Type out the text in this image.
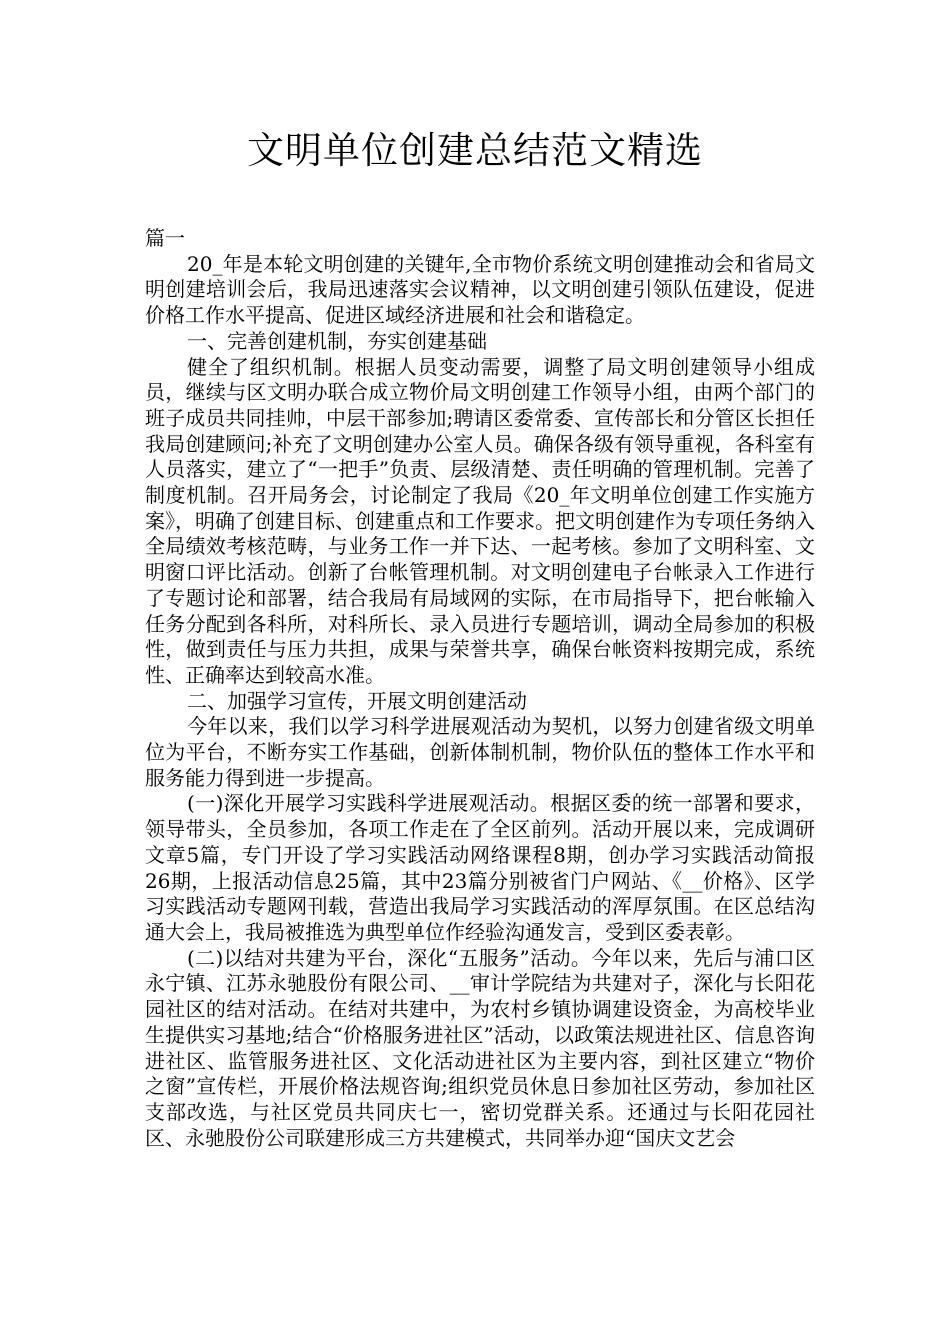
文明单位创建总结范文精选

篇一

20_年是本轮文明创建的关键年,全市物价系统文明创建推动会和省局文明创建培训会后，我局迅速落实会议精神，以文明创建引领队伍建设，促进价格工作水平提高、促进区域经济进展和社会和谐稳定。

一、完善创建机制，夯实创建基础

健全了组织机制。根据人员变动需要，调整了局文明创建领导小组成员，继续与区文明办联合成立物价局文明创建工作领导小组，由两个部门的班子成员共同挂帅，中层干部参加;聘请区委常委、宣传部长和分管区长担任我局创建顾问;补充了文明创建办公室人员。确保各级有领导重视，各科室有人员落实，建立了“一把手”负责、层级清楚、责任明确的管理机制。完善了制度机制。召开局务会，讨论制定了我局《20_年文明单位创建工作实施方案》，明确了创建目标、创建重点和工作要求。把文明创建作为专项任务纳入全局绩效考核范畴，与业务工作一并下达、一起考核。参加了文明科室、文明窗口评比活动。创新了台帐管理机制。对文明创建电子台帐录入工作进行了专题讨论和部署，结合我局有局域网的实际，在市局指导下，把台帐输入任务分配到各科所，对科所长、录入员进行专题培训，调动全局参加的积极性，做到责任与压力共担，成果与荣誉共享，确保台帐资料按期完成，系统性、正确率达到较高水准。

二、加强学习宣传，开展文明创建活动

今年以来，我们以学习科学进展观活动为契机，以努力创建省级文明单位为平台，不断夯实工作基础，创新体制机制，物价队伍的整体工作水平和服务能力得到进一步提高。

(一)深化开展学习实践科学进展观活动。根据区委的统一部署和要求，领导带头，全员参加，各项工作走在了全区前列。活动开展以来，完成调研文章5篇，专门开设了学习实践活动网络课程8期，创办学习实践活动简报26期，上报活动信息25篇，其中23篇分别被省门户网站、《__价格》、区学习实践活动专题网刊载，营造出我局学习实践活动的浑厚氛围。在区总结沟通大会上，我局被推选为典型单位作经验沟通发言，受到区委表彰。

(二)以结对共建为平台，深化“五服务”活动。今年以来，先后与浦口区永宁镇、江苏永驰股份有限公司、__审计学院结为共建对子，深化与长阳花园社区的结对活动。在结对共建中，为农村乡镇协调建设资金，为高校毕业生提供实习基地;结合“价格服务进社区”活动，以政策法规进社区、信息咨询进社区、监管服务进社区、文化活动进社区为主要内容，到社区建立“物价之窗”宣传栏，开展价格法规咨询;组织党员休息日参加社区劳动，参加社区支部改选，与社区党员共同庆七一，密切党群关系。还通过与长阳花园社区、永驰股份公司联建形成三方共建模式，共同举办迎“国庆文艺会
